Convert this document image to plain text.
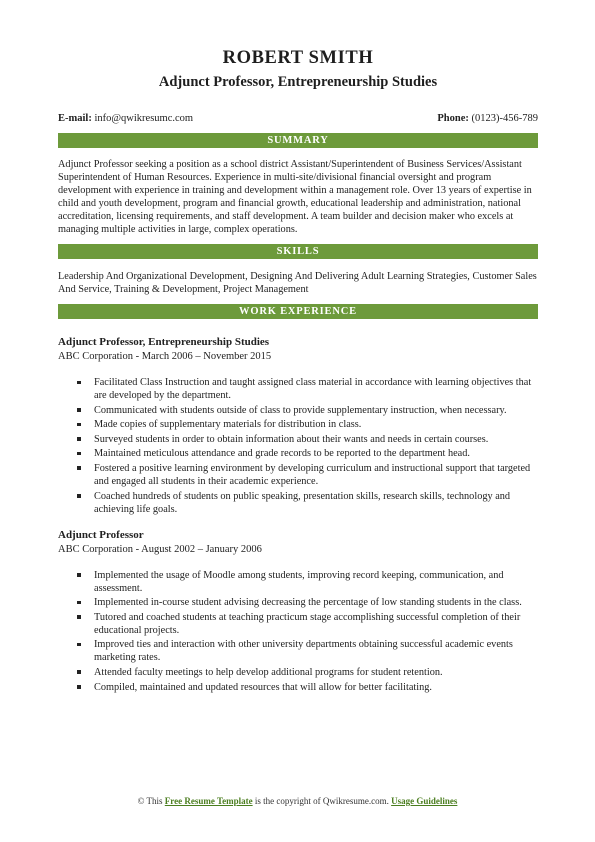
ROBERT SMITH
Adjunct Professor, Entrepreneurship Studies
E-mail: info@qwikresumc.com	Phone: (0123)-456-789
SUMMARY

Adjunct Professor seeking a position as a school district Assistant/Superintendent of Business Services/Assistant Superintendent of Human Resources. Experience in multi-site/divisional financial oversight and program development with experience in training and development within a management role. Over 13 years of expertise in child and youth development, program and financial growth, educational leadership and administration, national accreditation, licensing requirements, and staff development. A team builder and decision maker who excels at managing multiple activities in large, complex operations.

SKILLS

Leadership And Organizational Development, Designing And Delivering Adult Learning Strategies, Customer Sales And Service, Training & Development, Project Management

WORK EXPERIENCE

Adjunct Professor, Entrepreneurship Studies

ABC Corporation - March 2006 – November 2015

Facilitated Class Instruction and taught assigned class material in accordance with learning objectives that are developed by the department.
Communicated with students outside of class to provide supplementary instruction, when necessary.
Made copies of supplementary materials for distribution in class.
Surveyed students in order to obtain information about their wants and needs in certain courses.
Maintained meticulous attendance and grade records to be reported to the department head.
Fostered a positive learning environment by developing curriculum and instructional support that targeted and engaged all students in their academic experience.
Coached hundreds of students on public speaking, presentation skills, research skills, technology and achieving life goals.

Adjunct Professor

ABC Corporation - August 2002 – January 2006

Implemented the usage of Moodle among students, improving record keeping, communication, and assessment.
Implemented in-course student advising decreasing the percentage of low standing students in the class.
Tutored and coached students at teaching practicum stage accomplishing successful completion of their educational projects.
Improved ties and interaction with other university departments obtaining successful academic events marketing rates.
Attended faculty meetings to help develop additional programs for student retention.
Compiled, maintained and updated resources that will allow for better facilitating.
© This Free Resume Template is the copyright of Qwikresume.com. Usage Guidelines
